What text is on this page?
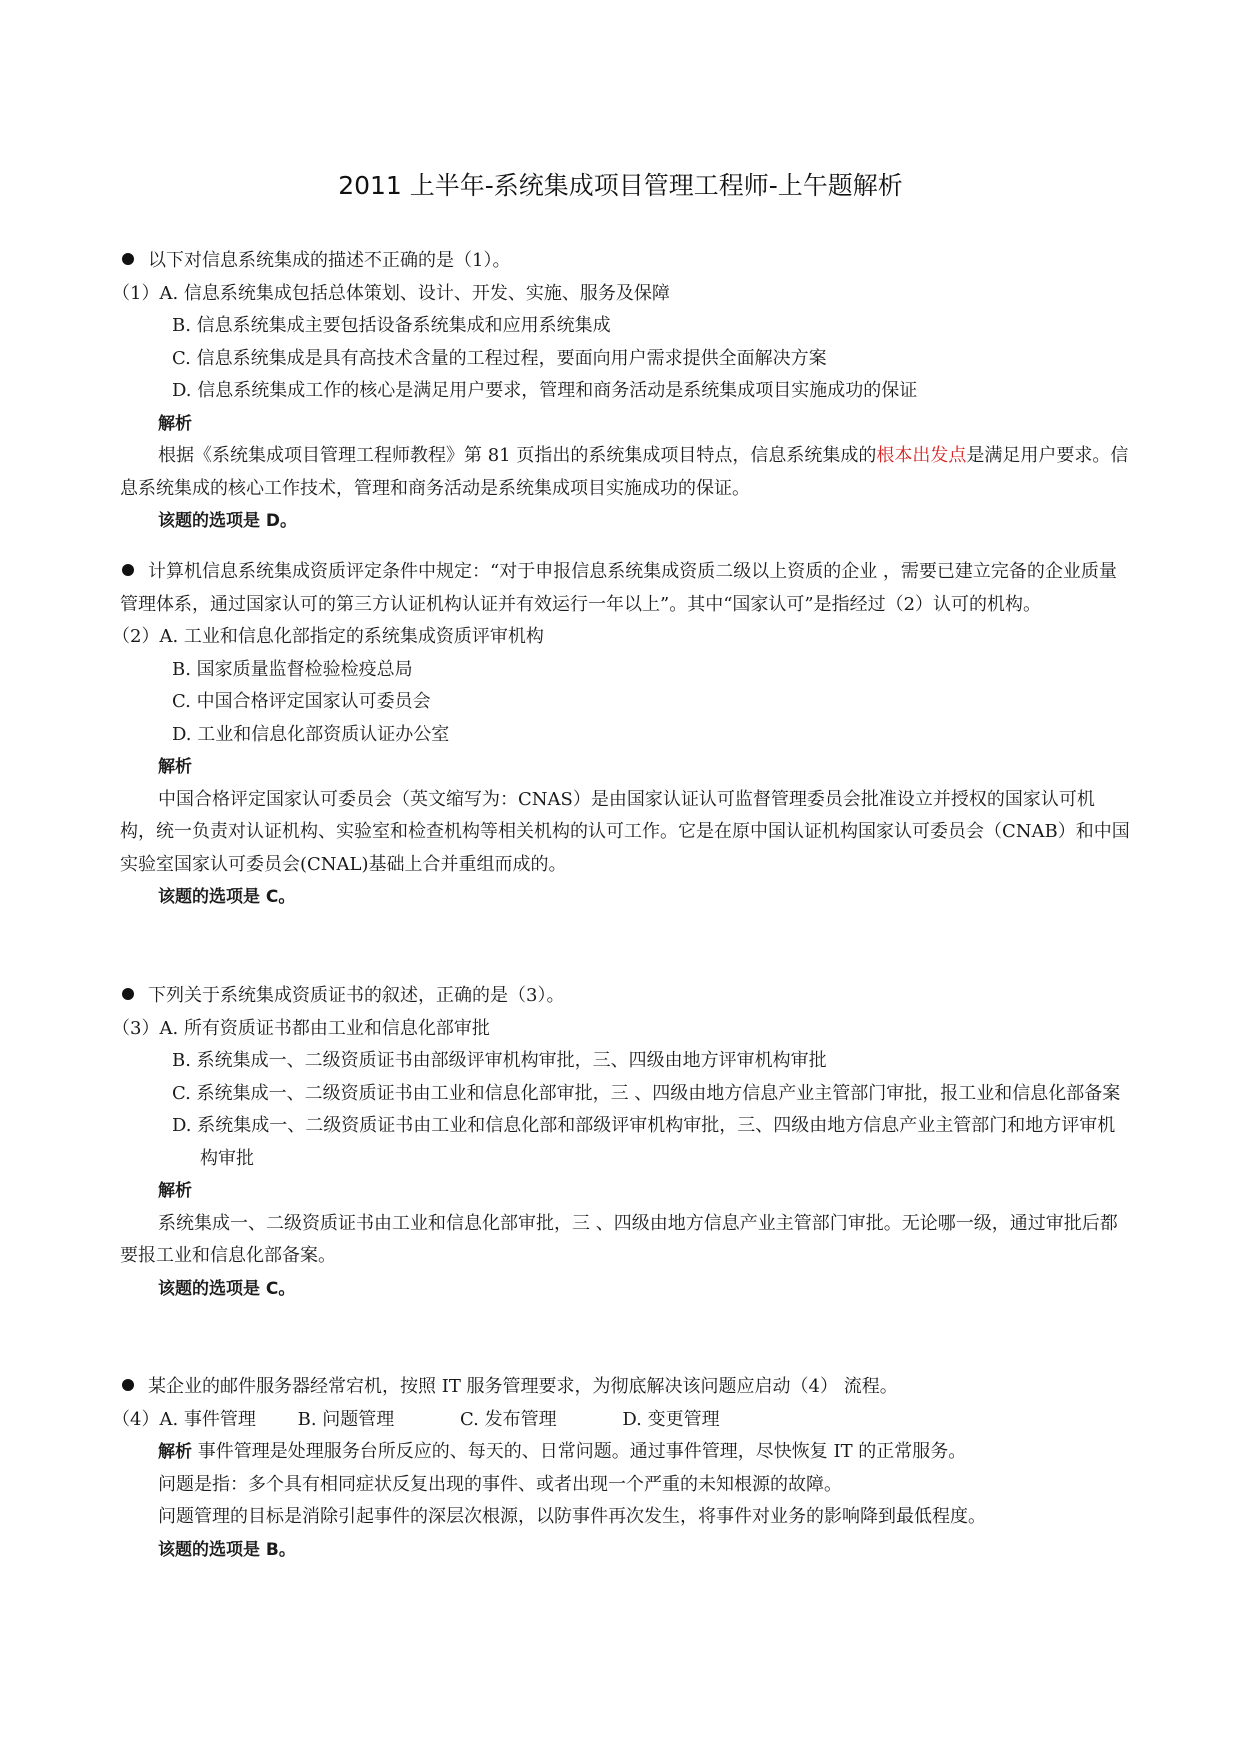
2011 上半年-系统集成项目管理工程师-上午题解析
以下对信息系统集成的描述不正确的是（1）。
（1）A. 信息系统集成包括总体策划、设计、开发、实施、服务及保障
B. 信息系统集成主要包括设备系统集成和应用系统集成
C. 信息系统集成是具有高技术含量的工程过程，要面向用户需求提供全面解决方案
D. 信息系统集成工作的核心是满足用户要求，管理和商务活动是系统集成项目实施成功的保证
解析
根据《系统集成项目管理工程师教程》第 81 页指出的系统集成项目特点，信息系统集成的根本出发点是满足用户要求。信息系统集成的核心工作技术，管理和商务活动是系统集成项目实施成功的保证。
该题的选项是 D。
计算机信息系统集成资质评定条件中规定：“对于申报信息系统集成资质二级以上资质的企业 ，需要已建立完备的企业质量管理体系，通过国家认可的第三方认证机构认证并有效运行一年以上”。其中“国家认可”是指经过（2）认可的机构。
（2）A. 工业和信息化部指定的系统集成资质评审机构
B. 国家质量监督检验检疫总局
C. 中国合格评定国家认可委员会
D. 工业和信息化部资质认证办公室
解析
中国合格评定国家认可委员会（英文缩写为：CNAS）是由国家认证认可监督管理委员会批准设立并授权的国家认可机构，统一负责对认证机构、实验室和检查机构等相关机构的认可工作。它是在原中国认证机构国家认可委员会（CNAB）和中国实验室国家认可委员会(CNAL)基础上合并重组而成的。
该题的选项是 C。
下列关于系统集成资质证书的叙述，正确的是（3）。
（3）A. 所有资质证书都由工业和信息化部审批
B. 系统集成一、二级资质证书由部级评审机构审批，三、四级由地方评审机构审批
C. 系统集成一、二级资质证书由工业和信息化部审批，三 、四级由地方信息产业主管部门审批，报工业和信息化部备案
D. 系统集成一、二级资质证书由工业和信息化部和部级评审机构审批，三、四级由地方信息产业主管部门和地方评审机构审批
解析
系统集成一、二级资质证书由工业和信息化部审批，三 、四级由地方信息产业主管部门审批。无论哪一级，通过审批后都要报工业和信息化部备案。
该题的选项是 C。
某企业的邮件服务器经常宕机，按照 IT 服务管理要求，为彻底解决该问题应启动（4） 流程。
（4）A. 事件管理 B. 问题管理	C. 发布管理	D. 变更管理
解析 事件管理是处理服务台所反应的、每天的、日常问题。通过事件管理，尽快恢复 IT 的正常服务。
问题是指：多个具有相同症状反复出现的事件、或者出现一个严重的未知根源的故障。
问题管理的目标是消除引起事件的深层次根源，以防事件再次发生，将事件对业务的影响降到最低程度。
该题的选项是 B。
